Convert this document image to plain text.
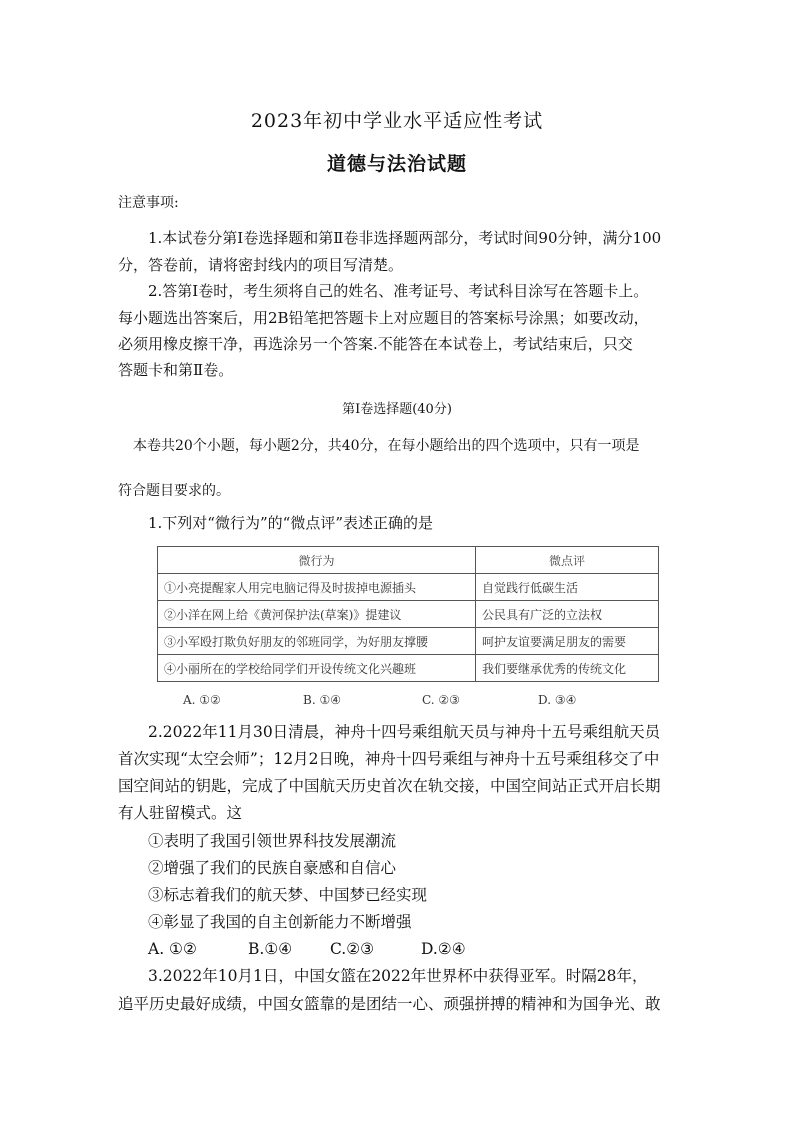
2023年初中学业水平适应性考试
道德与法治试题
注意事项:
1.本试卷分第Ⅰ卷选择题和第Ⅱ卷非选择题两部分，考试时间90分钟，满分100
分，答卷前，请将密封线内的项目写清楚。
2.答第Ⅰ卷时，考生须将自己的姓名、准考证号、考试科目涂写在答题卡上。
每小题选出答案后，用2B铅笔把答题卡上对应题目的答案标号涂黑；如要改动，
必须用橡皮擦干净，再选涂另一个答案.不能答在本试卷上，考试结束后，只交
答题卡和第Ⅱ卷。
第Ⅰ卷选择题(40分)
本卷共20个小题，每小题2分，共40分，在每小题给出的四个选项中，只有一项是
符合题目要求的。
1.下列对“微行为”的“微点评”表述正确的是
微行为	微点评
①小亮提醒家人用完电脑记得及时拔掉电源插头	自觉践行低碳生活
②小洋在网上给《黄河保护法(草案)》提建议	公民具有广泛的立法权
③小军殴打欺负好朋友的邻班同学，为好朋友撑腰	呵护友谊要满足朋友的需要
④小丽所在的学校给同学们开设传统文化兴趣班	我们要继承优秀的传统文化
A. ①②	B. ①④	C. ②③	D. ③④
2.2022年11月30日清晨，神舟十四号乘组航天员与神舟十五号乘组航天员
首次实现“太空会师”；12月2日晚，神舟十四号乘组与神舟十五号乘组移交了中
国空间站的钥匙，完成了中国航天历史首次在轨交接，中国空间站正式开启长期
有人驻留模式。这
①表明了我国引领世界科技发展潮流
②增强了我们的民族自豪感和自信心
③标志着我们的航天梦、中国梦已经实现
④彰显了我国的自主创新能力不断增强
A. ①②	B.①④ C.②③	D.②④
3.2022年10月1日，中国女篮在2022年世界杯中获得亚军。时隔28年，
追平历史最好成绩，中国女篮靠的是团结一心、顽强拼搏的精神和为国争光、敢
